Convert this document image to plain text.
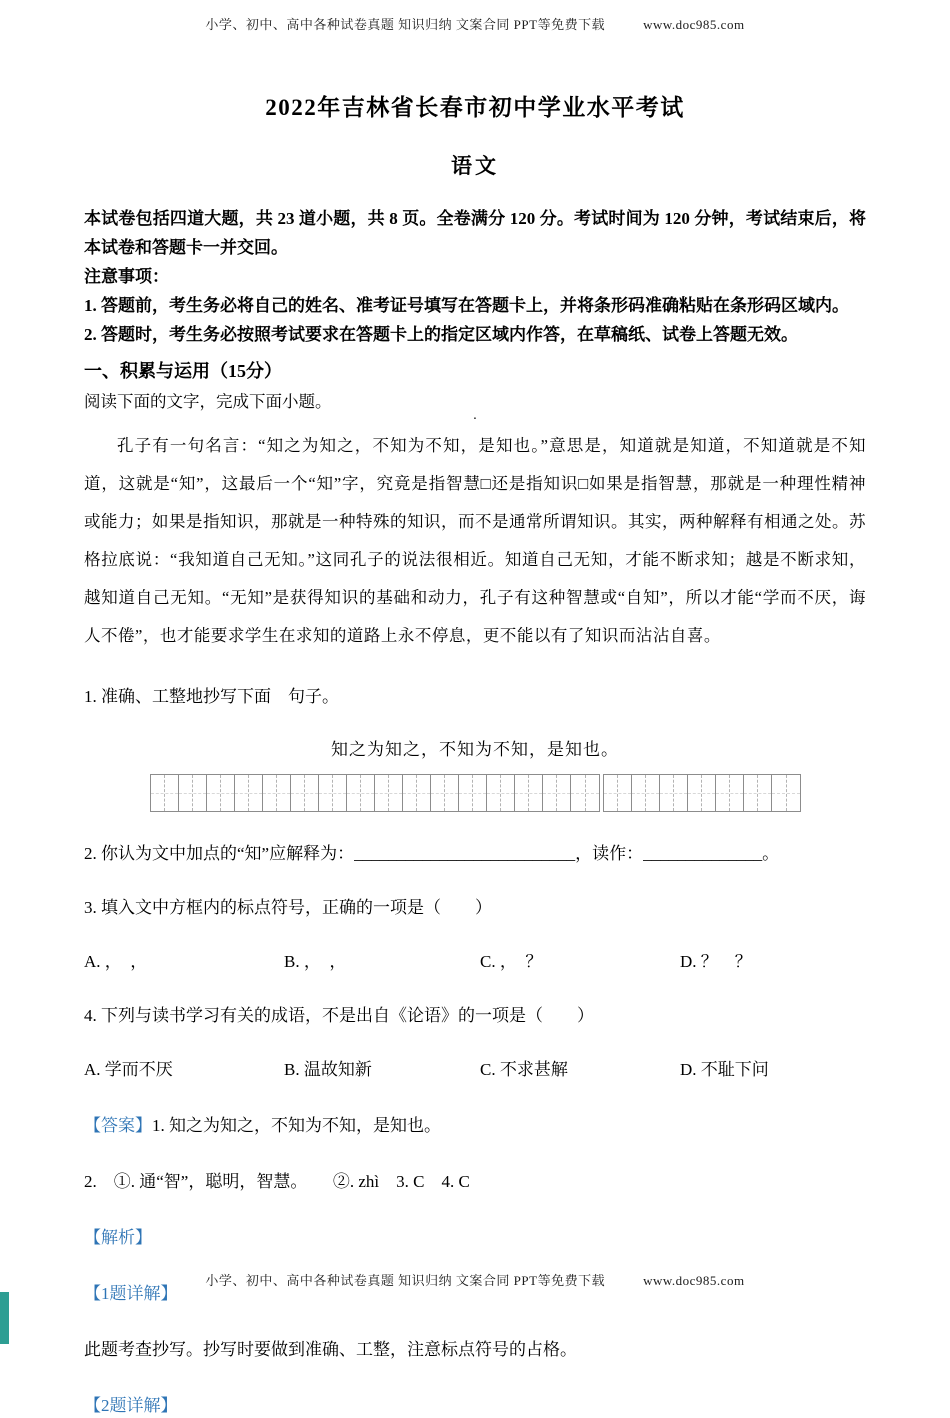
小学、初中、高中各种试卷真题 知识归纳 文案合同 PPT等免费下载	www.doc985.com
2022年吉林省长春市初中学业水平考试
语文
本试卷包括四道大题，共 23 道小题，共 8 页。全卷满分 120 分。考试时间为 120 分钟，考试结束后，将本试卷和答题卡一并交回。
注意事项：
1. 答题前，考生务必将自己的姓名、准考证号填写在答题卡上，并将条形码准确粘贴在条形码区域内。
2. 答题时，考生务必按照考试要求在答题卡上的指定区域内作答，在草稿纸、试卷上答题无效。
一、积累与运用（15分）
阅读下面的文字，完成下面小题。
·
孔子有一句名言：“知之为知之，不知为不知，是知也。”意思是，知道就是知道，不知道就是不知道，这就是“知”，这最后一个“知”字，究竟是指智慧□还是指知识□如果是指智慧，那就是一种理性精神或能力；如果是指知识，那就是一种特殊的知识，而不是通常所谓知识。其实，两种解释有相通之处。苏格拉底说：“我知道自己无知。”这同孔子的说法很相近。知道自己无知，才能不断求知；越是不断求知，越知道自己无知。“无知”是获得知识的基础和动力，孔子有这种智慧或“自知”，所以才能“学而不厌，诲人不倦”，也才能要求学生在求知的道路上永不停息，更不能以有了知识而沾沾自喜。
1. 准确、工整地抄写下面　句子。
知之为知之，不知为不知，是知也。
2. 你认为文中加点的“知”应解释为：__________________________，读作：______________。
3. 填入文中方框内的标点符号，正确的一项是（　　）
A. ，　，	B. ，　，	C. ，　？	D. ？　？
4. 下列与读书学习有关的成语，不是出自《论语》的一项是（　　）
A. 学而不厌	B. 温故知新	C. 不求甚解	D. 不耻下问
【答案】1. 知之为知之，不知为不知，是知也。
2.　①. 通“智”，聪明，智慧。　　②. zhì　3. C　4. C
【解析】
【1题详解】
此题考查抄写。抄写时要做到准确、工整，注意标点符号的占格。
【2题详解】
小学、初中、高中各种试卷真题 知识归纳 文案合同 PPT等免费下载	www.doc985.com
